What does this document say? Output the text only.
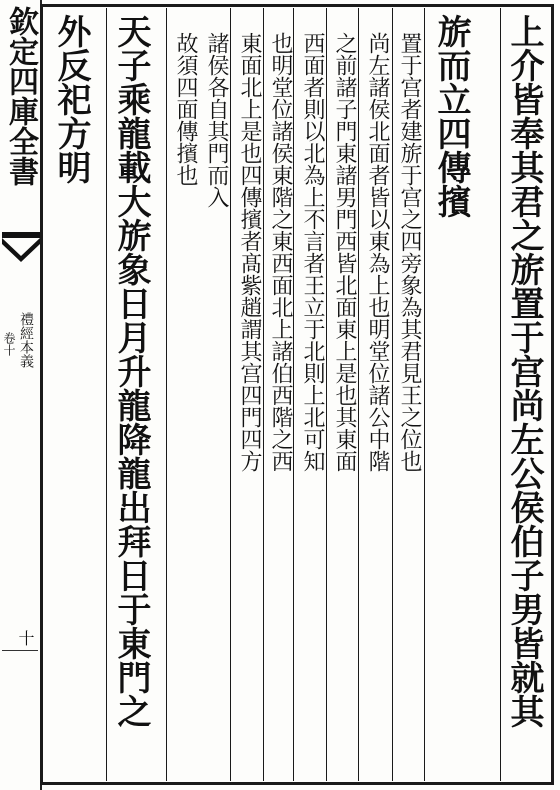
欽定四庫全書
禮經本義
卷十
十	上介皆奉其君之旂置于宫尚左公侯伯子男皆就其
旂而立四傳擯
置于宫者建旂于宫之四旁象為其君見王之位也
尚左諸侯北面者皆以東為上也明堂位諸公中階
之前諸子門東諸男門西皆北面東上是也其東面
西面者則以北為上不言者王立于北則上北可知
也明堂位諸侯東階之東西面北上諸伯西階之西
東面北上是也四傳擯者髙紫趙謂其宫四門四方
諸侯各自其門而入
故須四面傳擯也
天子乘龍載大旂象日月升龍降龍出拜日于東門之
外反祀方明
